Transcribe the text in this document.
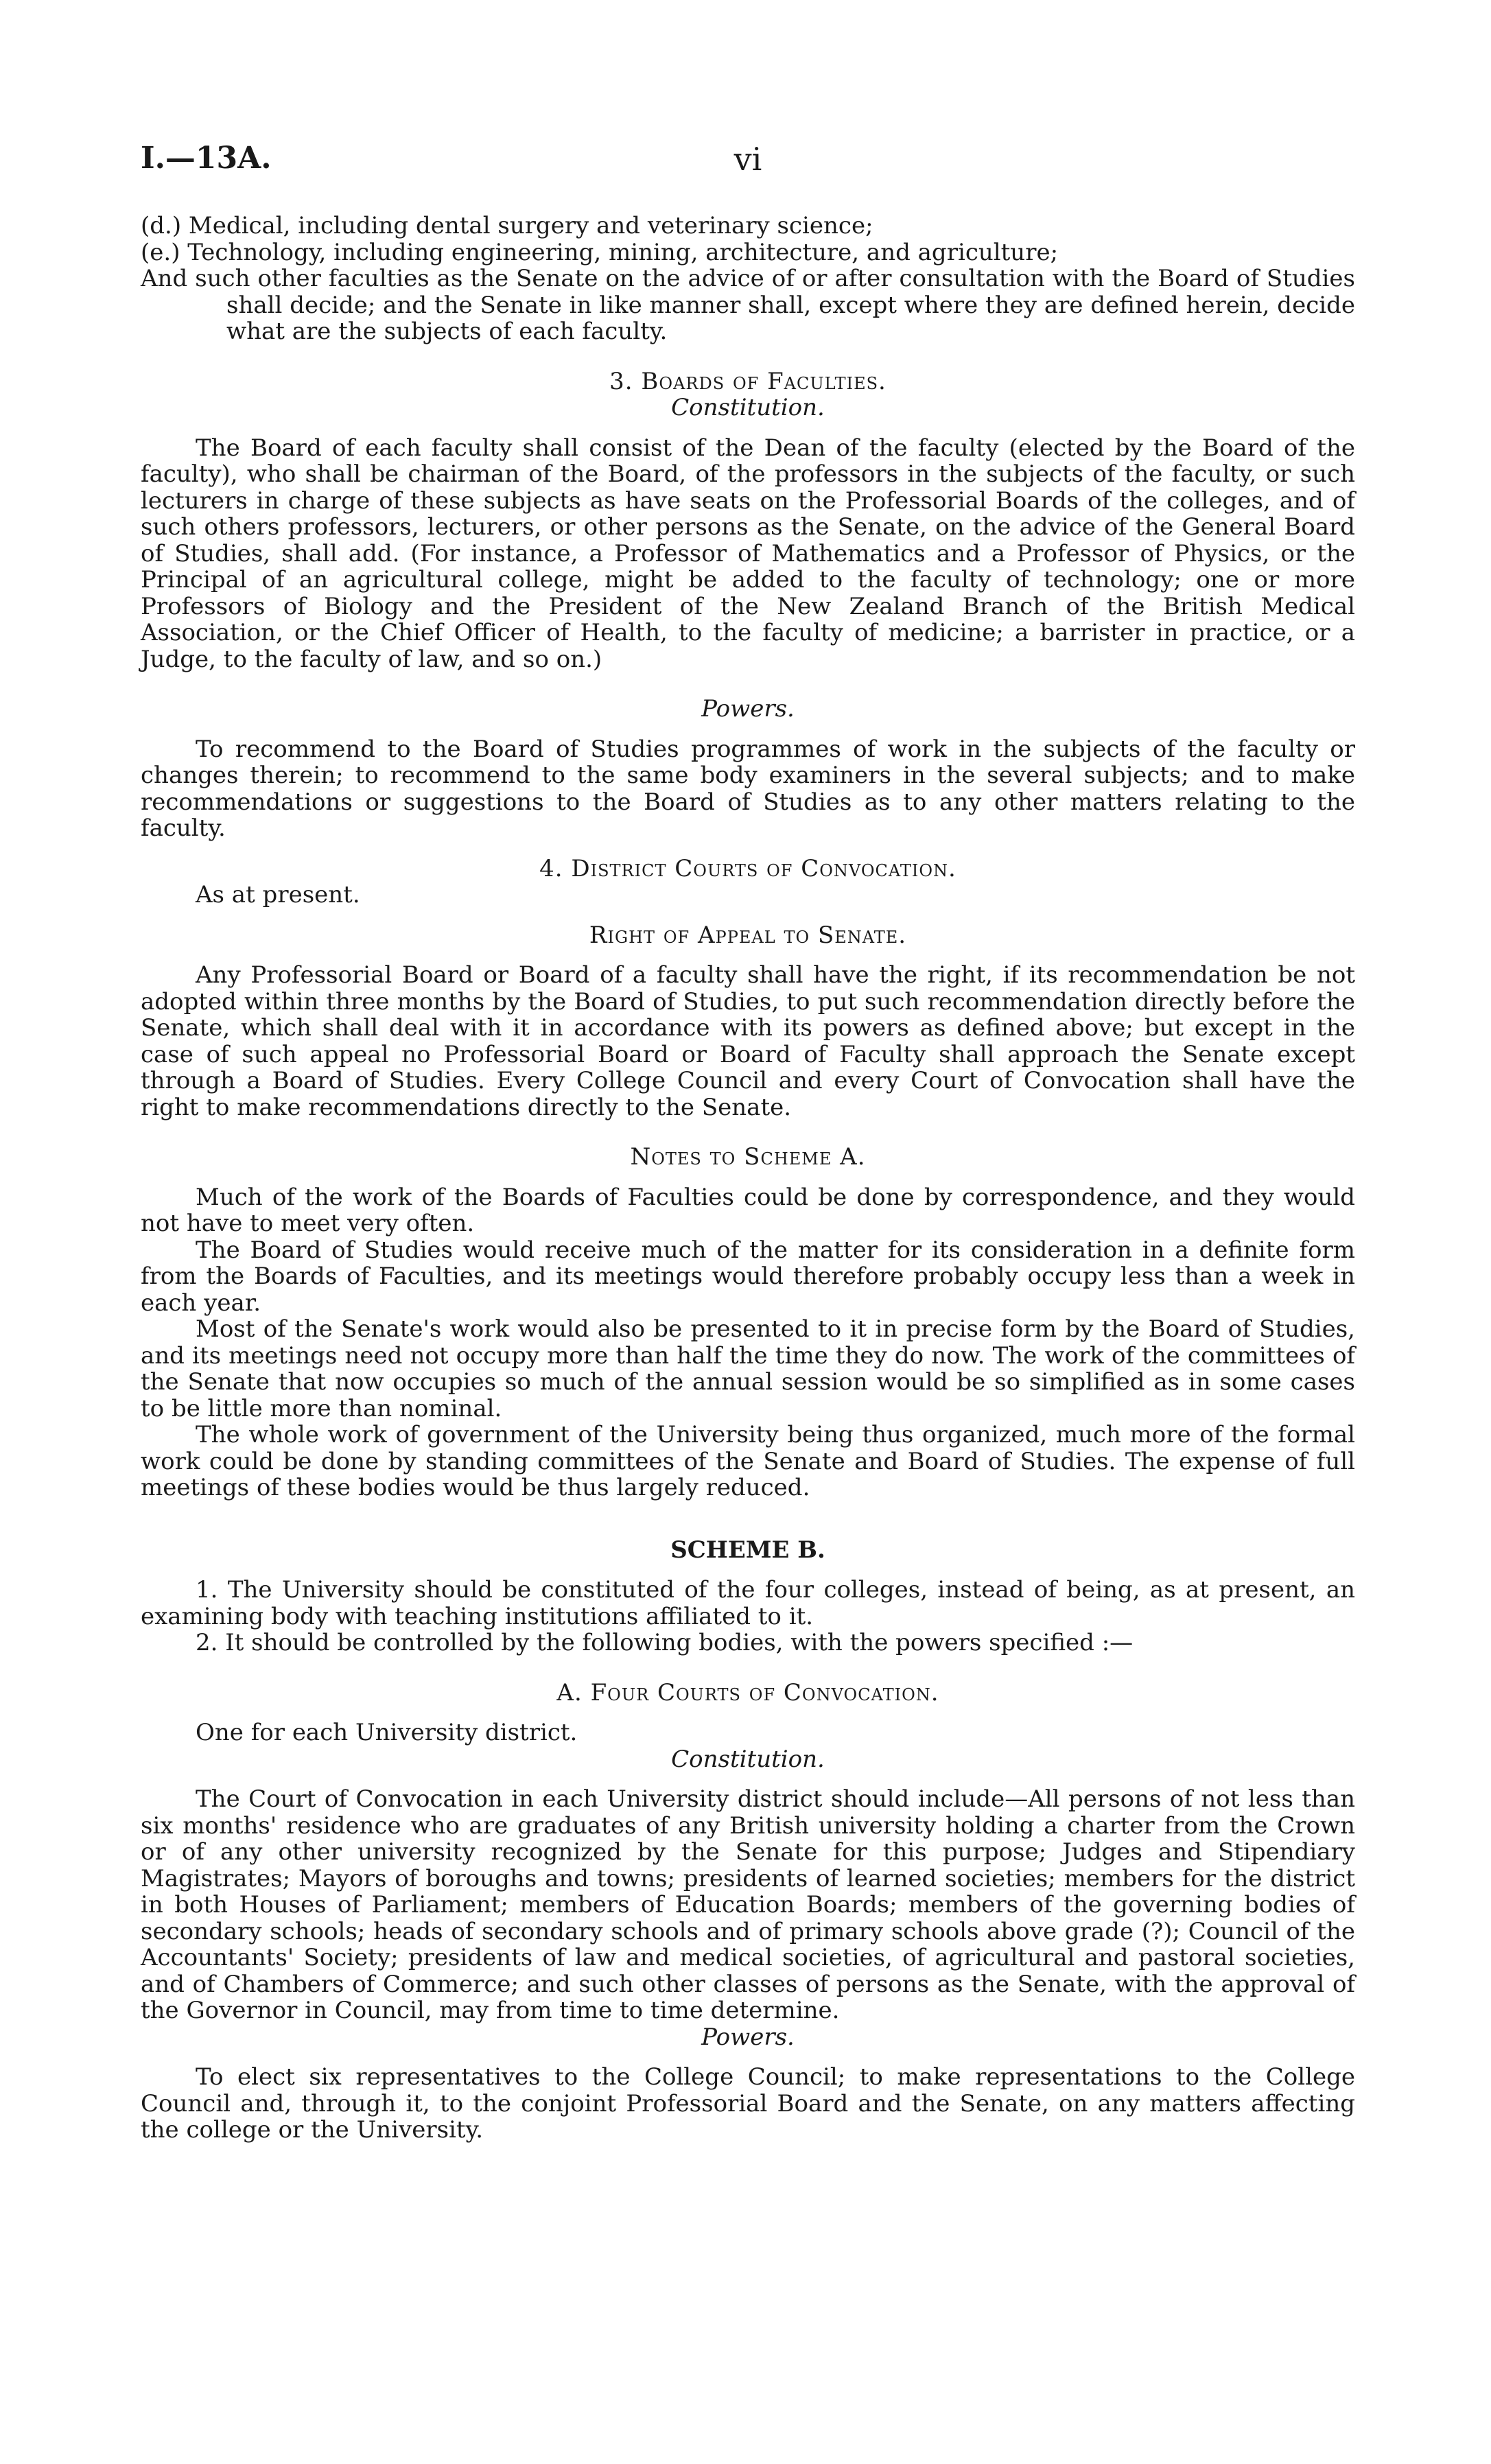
I.—13A.	vi

(d.) Medical, including dental surgery and veterinary science;

(e.) Technology, including engineering, mining, architecture, and agriculture;

And such other faculties as the Senate on the advice of or after consultation with the Board of Studies shall decide; and the Senate in like manner shall, except where they are defined herein, decide what are the subjects of each faculty.

3. Boards of Faculties.

Constitution.

The Board of each faculty shall consist of the Dean of the faculty (elected by the Board of the faculty), who shall be chairman of the Board, of the professors in the subjects of the faculty, or such lecturers in charge of these subjects as have seats on the Professorial Boards of the colleges, and of such others professors, lecturers, or other persons as the Senate, on the advice of the General Board of Studies, shall add. (For instance, a Professor of Mathematics and a Professor of Physics, or the Principal of an agricultural college, might be added to the faculty of technology; one or more Professors of Biology and the President of the New Zealand Branch of the British Medical Association, or the Chief Officer of Health, to the faculty of medicine; a barrister in practice, or a Judge, to the faculty of law, and so on.)

Powers.

To recommend to the Board of Studies programmes of work in the subjects of the faculty or changes therein; to recommend to the same body examiners in the several subjects; and to make recommendations or suggestions to the Board of Studies as to any other matters relating to the faculty.

4. District Courts of Convocation.

As at present.

Right of Appeal to Senate.

Any Professorial Board or Board of a faculty shall have the right, if its recommendation be not adopted within three months by the Board of Studies, to put such recommendation directly before the Senate, which shall deal with it in accordance with its powers as defined above; but except in the case of such appeal no Professorial Board or Board of Faculty shall approach the Senate except through a Board of Studies. Every College Council and every Court of Convocation shall have the right to make recommendations directly to the Senate.

Notes to Scheme A.

Much of the work of the Boards of Faculties could be done by correspondence, and they would not have to meet very often.

The Board of Studies would receive much of the matter for its consideration in a definite form from the Boards of Faculties, and its meetings would therefore probably occupy less than a week in each year.

Most of the Senate's work would also be presented to it in precise form by the Board of Studies, and its meetings need not occupy more than half the time they do now. The work of the committees of the Senate that now occupies so much of the annual session would be so simplified as in some cases to be little more than nominal.

The whole work of government of the University being thus organized, much more of the formal work could be done by standing committees of the Senate and Board of Studies. The expense of full meetings of these bodies would be thus largely reduced.

SCHEME B.

1. The University should be constituted of the four colleges, instead of being, as at present, an examining body with teaching institutions affiliated to it.

2. It should be controlled by the following bodies, with the powers specified :—

A. Four Courts of Convocation.

One for each University district.

Constitution.

The Court of Convocation in each University district should include—All persons of not less than six months' residence who are graduates of any British university holding a charter from the Crown or of any other university recognized by the Senate for this purpose; Judges and Stipendiary Magistrates; Mayors of boroughs and towns; presidents of learned societies; members for the district in both Houses of Parliament; members of Education Boards; members of the governing bodies of secondary schools; heads of secondary schools and of primary schools above grade (?); Council of the Accountants' Society; presidents of law and medical societies, of agricultural and pastoral societies, and of Chambers of Commerce; and such other classes of persons as the Senate, with the approval of the Governor in Council, may from time to time determine.

Powers.

To elect six representatives to the College Council; to make representations to the College Council and, through it, to the conjoint Professorial Board and the Senate, on any matters affecting the college or the University.
